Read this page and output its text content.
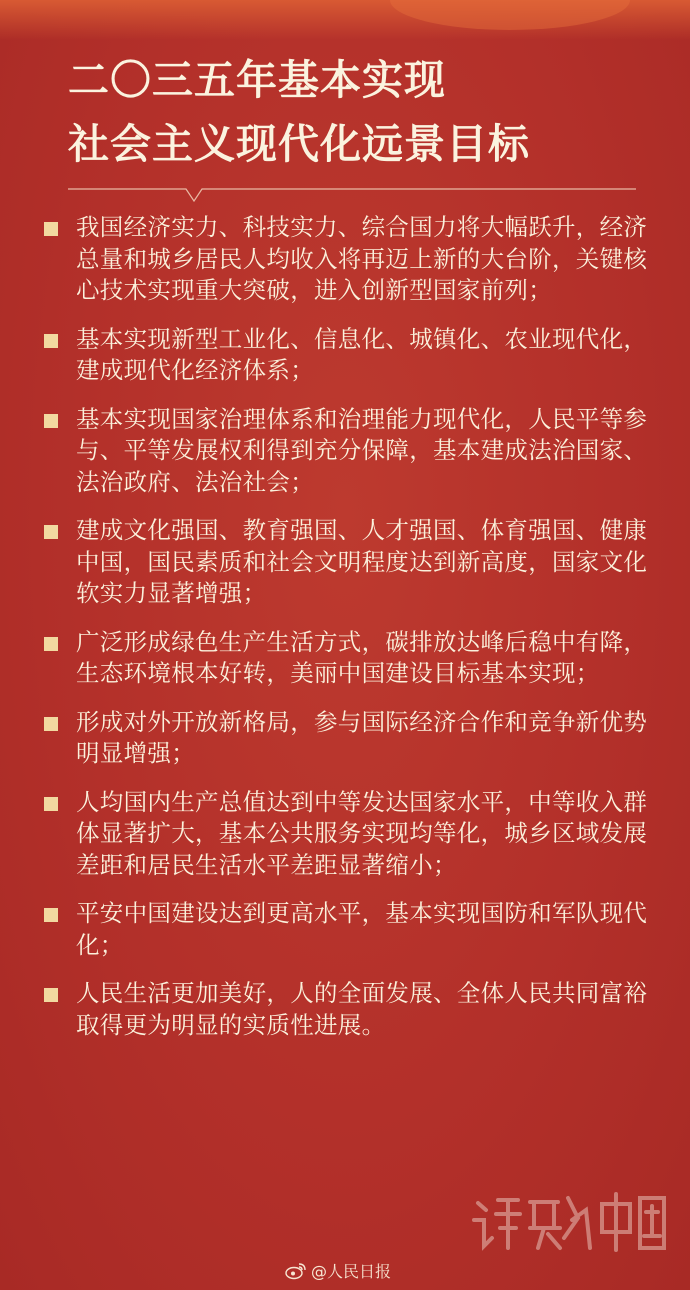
二〇三五年基本实现
社会主义现代化远景目标
我国经济实力、科技实力、综合国力将大幅跃升，经济总量和城乡居民人均收入将再迈上新的大台阶，关键核心技术实现重大突破，进入创新型国家前列；
基本实现新型工业化、信息化、城镇化、农业现代化，建成现代化经济体系；
基本实现国家治理体系和治理能力现代化，人民平等参与、平等发展权利得到充分保障，基本建成法治国家、法治政府、法治社会；
建成文化强国、教育强国、人才强国、体育强国、健康中国，国民素质和社会文明程度达到新高度，国家文化软实力显著增强；
广泛形成绿色生产生活方式，碳排放达峰后稳中有降，生态环境根本好转，美丽中国建设目标基本实现；
形成对外开放新格局，参与国际经济合作和竞争新优势明显增强；
人均国内生产总值达到中等发达国家水平，中等收入群体显著扩大，基本公共服务实现均等化，城乡区域发展差距和居民生活水平差距显著缩小；
平安中国建设达到更高水平，基本实现国防和军队现代化；
人民生活更加美好，人的全面发展、全体人民共同富裕取得更为明显的实质性进展。
@人民日报
